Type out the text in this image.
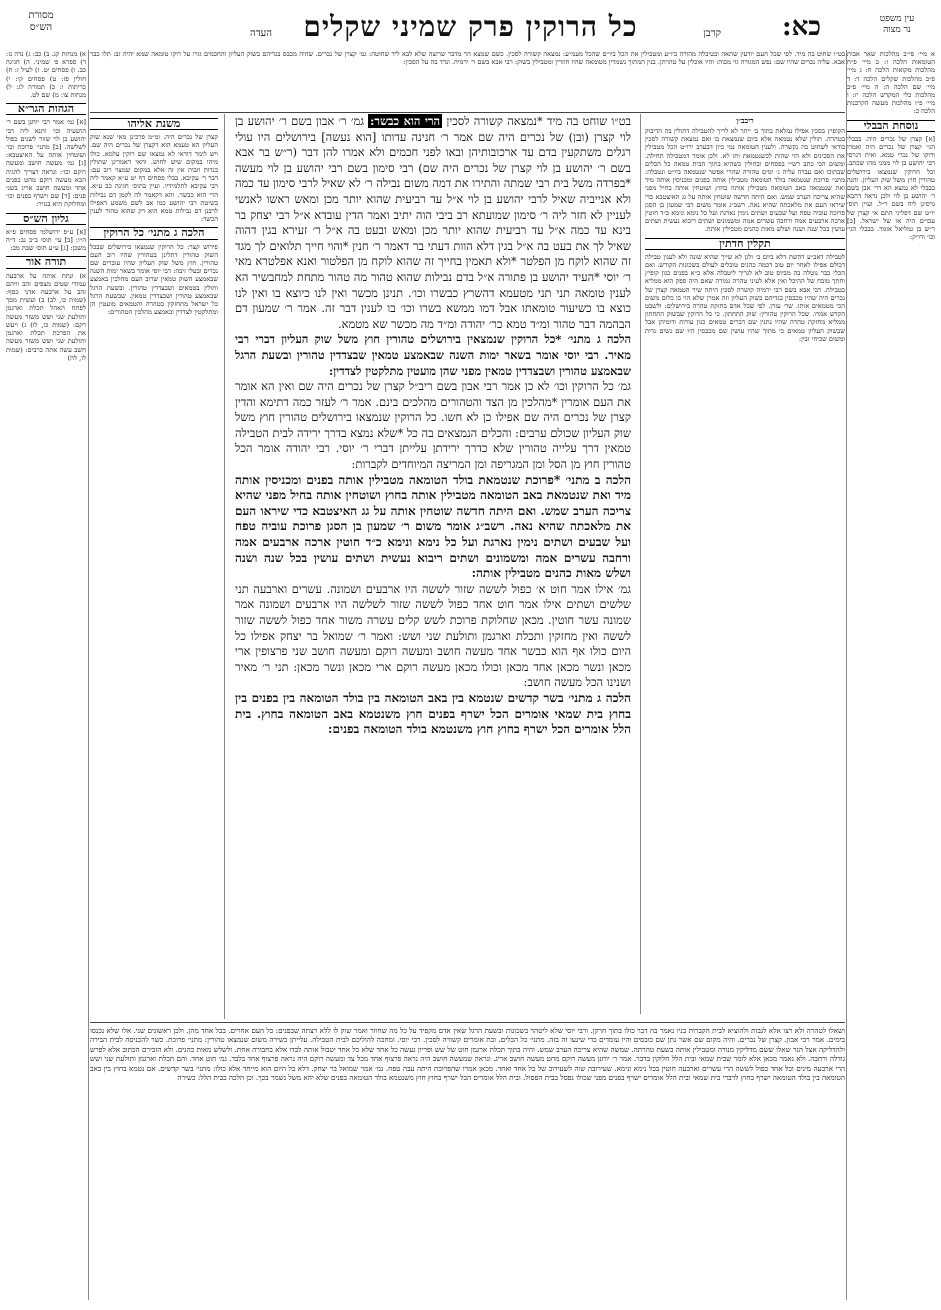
עין משפט
נר מצוה
כא:
קרבן
כל הרוקין פרק שמיני שקלים
העדה
מסורת
הש״ס

א מיי׳ פי״ב מהלכות שאר אבות הטומאות הלכה ז: ב מיי׳ פ״ח מהלכות מקואות הלכה ח: ג מיי׳ פ״ב מהלכות שקלים הלכה ד: ד מיי׳ שם הלכה ה: ה מיי׳ פ״ב מהלכות כלי המקדש הלכה יז: ו מיי׳ פ״ו מהלכות מעשה הקרבנות הלכה כ:

נוסחת הבבלי

[א] קצרן של נכרים היה. בבבלי הגי׳ קצרן של נכרים היה ואמרו ורוקו של נכרי טמא. ואית דגרסי רבי יהושע בן לוי ממני מהו שכתב. וכל הרוקין שנמצאו בירושלים טהורין חוץ משל שוק העליון. והנה בבבלי לא נמצא הא דר׳ אבן בשם ר׳ יהושע בן לוי ולכן נראה דהכא גרסינן ליה בשם ר״ל. ועיין תוס׳ יו״ט שם דפליגי התם אי קצרן של עכו״ם היה או של ישראל. [ב] ר״ש בן גמליאל אומר. בבבלי הגי׳ וכו׳ ודו״ק:

בט״ו שחוט בה מיד. לפי שכל העם יודעין שתאה ובטיבלה מהורה ביו״ע ומטבילין את הכל ביו״ם שהכל מעמ״ע: נמצאה קשורה לסכין. כשם שמצא הר מדבר שרוצה שלא לבא ליד שחוטה: גמ׳ קצרן של נכרים. שהיה מכבס בגדיהם בשוק העליון והחכמים גזרו על רוקו טומאה שמא יהיה זב: תלו כבר אבא. עליה נכרים שהיו שם: נפש המגורה גוי מכוה: והיו אוכלין על טהרתן. בנין המתוך נשמרין מטומאה שהיו חוזרין ומטבילין בשוק: רבי אבא בשם ר׳ ירמיה. ונדד בה על הסכין:

ריבב״ן

הקופיץ בסכין אפילו נמלאת בתוך ב׳ ייתר לא לריך להטבילה דתולין בה הדיבוק בטהרה. תולין שלא נטמאה אלא ביום שנמצאת בו ואם נמצאת קשורה לסכין בודאי לשחוט בה נקשרה. ולענין הטומאה נמי כיון דבערב ירו״ט הכל מטבילין את הסכינים ולא הוי שהות לכשנטמאת ותו לא. ולכן אומר דמטבילה תחילה. ומשום הכי כתב רש״י בפסחים ובחולין כשהיא בתוך הבית טמאה כל הכלים שבתוכו ואם עברה עליה ג׳ ימים טהורה שהרי אפשר שנטמאה ביו״ט ונטבלה: מתני׳ פרוכת שנטמאה בולד הטומאה מטבילין אותה בפנים ומכניסין אותה מיד ואת שנטמאה באב הטומאה מטבילין אותה בחוץ ושוטחין אותה בחיל מפני שהיא צריכה הערב שמש. ואם היתה חדשה שוטחין אותה על גג האיצטבא כדי שיראו העם את מלאכתה שהיא נאה. רשב״ג אומר משום רבי שמעון בן הסגן פרוכת עוביה טפח ועל שבעים ושתים נימין נארגת ועל כל נימא ונימא כ״ד חוטין ארכה ארבעים אמה ורחבה עשרים אמה ומשמונים ושתים ריבוא נעשית ושתים עושין בכל שנה ושנה ושלש מאות כהנים מטבילין אותה.

תקלין חדתין

לטבילה דאב״ע דהשת דלא ביום ב׳ ולגן לא שייך שהיא שונה ולא לענין טבילה דכולם אפילו לאחר יום טוב דכמה כהנים טובלים לעולם בשכונות הקודש. ואם הכלי כבר נוטלה בה מביוס טוב לא לגריך ליטבלה אלא כ״א בפנים כגון קופיץ וחתך מובח של ההיכל ואין אלא לעיני טהרה גמורה שאם היה ספק הוא ממליא בטבילה. רבי אבא בשם רבי ירמיה קושרה לסכין היתה שיר הטמאה קצרן של נכרים היה שהיו מכבסין בגדיהם בשוק העליון וזה אמרן שלא הוי בו כלום משום הכי מטמאים אותו. שר׳ עזרן. לפי שכל אדם בחזקת טהרה בירושלים: ולשבט הקדש אמרו. שכל הרוקין טהורין: שוק התחתון. כי כל הרוקין שבשוק התחתון ממליא מחזקת טהרה שהיו נתנין שם דברים טמאים כגון עורות ודומיהן אבל שבשוק העליון טמאים כי מתוך שהיו עושין שם מכבסין היו שם נשים נדות ומשום שכיחי זבין:

בט״ו שוחט בה מיד *נמצאה קשורה לסכין הרי הוא כבשר: גמ׳ ר׳ אבון בשם ר׳ יהושע בן לוי קצרן (ובן) של נכרים היה שם אמר ר׳ חנינה עדותו [הוא נעשה] בירושלים היו עולי רגלים משתקעין בדם עד ארכובותיהן ובאו לפני חכמים ולא אמרו להן דבר (ר״ש בר אבא בשם ר׳ יהושע בן לוי קצרן של נכרים היה שם) רבי סימון בשם רבי יהושע בן לוי מעשה *בפרדה משל בית רבי שמתה והתירו את דמה משום נבילה ר׳ לא שאיל לרבי סימון עד כמה ולא אנייביה שאיל לרבי יהושע בן לוי א״ל עד רביעית שהוא יותר מכן ומאש ראשו לאנשי לעניין לא חזר ליה ר׳ סימון שמועתא רב ביבי הוה יתיב ואמר הדין עובדא א״ל רבי יצחק בר בינא עד כמה א״ל עד רביעית שהוא יותר מכן ומאש ובעט בה א״ל ר׳ זעירא בגין דהוה שאיל לך את בעט בה א״ל בגין דלא הוות דעתי בר דאמר ר׳ חנין *והוי חייך תלואים לך מגד זה שהוא לוקח מן הפלטר *ולא תאמין בחייך זה שהוא לוקח מן הפלטור ואנא אפלטרא מאי ר׳ יוסי *העיד יהושע בן פתורה א״ל בדם נבילות שהוא טהור מה טהור מתחת למחבשיר הא לענין טומאה תני תני מטעמא דהשרץ כבשרו וכו׳. תנינן מכשר ואין לנו כיוצא בו ואין לנו כוצא בו כשיעור טומאתו אבל דמו ממשא בשרו וכו׳ בו לענין דבר זה. אמר ר׳ שמעון דם הבהמה דבר טהור ומ״ד טמא כר׳ יהודה ומ״ד מה מכשר שא מטמא.

הלכה ג מתני׳ *כל הרוקין שנמצאין בירושלים טהורין חוץ משל שוק העליון דברי רבי מאיר. רבי יוסי אומר בשאר ימות השנה שבאמצע טמאין שבצדדין טהורין ובשעת הרגל שבאמצע טהורין ושבצדדין טמאין מפני שהן מועטין מתלקטין לצדדין:

גמ׳ כל הרוקין וכו׳ לא כן אמר רבי אבון בשם ריב״ל קצרן של נכרים היה שם ואין הא אומר את העם אומרין *מהלכין מן הצד והטהורים מהלכים בינם. אמר ר׳ לעזר כמה דתימא והדין קצרן של נכרים היה שם אפילו כן לא חשו. כל הרוקין שנמצאו בירושלים טהורין חוץ משל שוק העליון שכולם ערבים: והכלים הנמצאים בה כל *שלא נמצא בדרך ירידה לבית הטבילה טמאין דרך עלייה טהורין שלא כדרך ירידתן עלייתן דברי ר׳ יוסי. רבי יהודה אומר הכל טהורין חוץ מן הסל ומן המגריפה ומן המריצה המיוחדים לקברות:

הלכה ב מתני׳ *פרוכת שנטמאת בולד הטומאה מטבילין אותה בפנים ומכניסין אותה מיד ואת שנטמאת באב הטומאה מטבילין אותה בחוץ ושוטחין אותה בחיל מפני שהיא צריכה הערב שמש. ואם היתה חדשה שוטחין אותה על גג האיצטבא כדי שיראו העם את מלאכתה שהיא נאה. רשב״ג אומר משום ר׳ שמעון בן הסגן פרוכת עוביה טפח ועל שבעים ושתים נימין נארגת ועל כל נימא ונימא כ״ד חוטין ארכה ארבעים אמה ורחבה עשרים אמה ומשמונים ושתים ריבוא נעשית ושתים עושין בכל שנה ושנה ושלש מאות כהנים מטבילין אותה:

גמ׳ אילו אמר חוט א׳ כפול לששה שזור לששה היו ארבעים ושמונה. עשרים וארבעה תני שלשים ושתים אילו אמר חוט אחד כפול לששה שזור לשלשה היו ארבעים ושמונה אמר שמונה עשר חוטין. מכאן שחלוקת פרוכת לשש קלים עשרה משור אחד כפול לששה שזור לששה ואין מחזקין ותכלת וארגמן ותולעת שני ושש: ואמר ר׳ שמואל בר יצחק אפילו כל היום כולו אף הוא כבשר אחד מעשה חושב ומעשה רוקם ומעשה חושב שני פרצופין ארי מכאן ונשר מכאן אחד מכאן וכולו מכאן מעשה רוקם ארי מכאן ונשר מכאן: תני ר׳ מאיר ושנינו הכל מעשה חושב:

הלכה ג מתני׳ בשר קדשים שנטמא בין באב הטומאה בין בולד הטומאה בין בפנים בין בחוץ בית שמאי אומרים הכל ישרף בפנים חוץ משנטמא באב הטומאה בחוץ. בית הלל אומרים הכל ישרף בחוץ חוץ משנטמא בולד הטומאה בפנים:

משנת אליהו

קצרן של נכרים היה. ומ״מ פרכינן מאי שנא שוק העליון הא טעמא הוא דקצרן של נכרים היה שם. ויש לומר דודאי לא נמצאו שם רוקין עלמא. כולו מיהו במקום שיש לחוש. והאי דאמרינן שתולין בנדות וזבות אין זה אלא במקום שמצוי רוב עם: דבר ר׳ עקיבא. בבלי פסחים דף יט ע״א קאמר ליה רבי עקיבא לתלמידיו. ועיין בתוס׳ חגיגה כב ע״א. הרי הוא כבשר. והא דקאמר לה לקמן דם נבילות בשיטת רבי יהושע כמו אב לשם משמע דאפילו לרבנן דם נבילות טמא הוא רק שהוא טהור לענין הכשר:

הלכה ג מתני׳ כל הרוקין

פירוש קצר: כל הרוקין שנמצאו בירושלים שבכל השוק טהורין דתלינן בטהורין שהיו רוב העם טהורין. חוץ משל שוק העליון שהיו עוברים שם נכרים ובעלי זיבה: רבי יוסי אומר בשאר ימות השנה שבאמצע השוק טמאין שרוב העם מהלכין באמצע ותולין בטמאים ושבצדדין טהורין. ובשעת הרגל שבאמצע טהורין ושבצדדין טמאין. שבשעת הרגל כל ישראל מתחזקין בטהרה והטמאים מועטין הן ומתלקטין לצדדין ובאמצע מהלכין הטהורים:

א) מנחות קג. ב) כב: ג) נדה נז: ד) ספרא פ׳ שמיני. ה) חגיגה כב. ו) פסחים יט. ז) לעיל ז: ח) חולין פז: ט) פסחים קי: י) כריתות ו: כ) תמורה לג: ל) מנחות צו: מ) שם לט.

הגהות הגר״א

[א] גמ׳ אמר רבי יוחנן בשם ר׳ הושעיה וכו׳ ותנא ליה רבי יהושע בן לוי שזור לשנים כפול לשלשה. [ב] מתני׳ פרוכת וכו׳ ושוטחין אותה על האיצטבא: [ג] גמ׳ מעשה חושב ומעשה רוקם וכו׳: ונראה דצריך להגיה הכא מעשה רוקם מחט בפנים אחד ומעשה חושב אריג בשני פנים: [ד] שם וישרף בפנים וכו׳ ומחלוקת היא בנזיר:

גליון הש״ס

[א] ע״פ ירושלמי פסחים פ״א ה״ו: [ב] עי׳ תוס׳ ב״ב נב: ד״ה משכן: [ג] ע״ע תוס׳ שבת מב:

תורה אור

א) ונתת אותה על ארבעה עמודי שטים מצפים זהב וויהם זהב על ארבעה אדני כסף: (שמות כו, לב) ב) ועשית מסך לפתח האהל תכלת וארגמן ותולעת שני ושש משזר מעשה רקם: (שמות כו, לו) ג) ויעש את הפרכת תכלת וארגמן ותולעת שני ושש משזר מעשה חשב עשה אתה כרבים: (שמות לו, לה)

ושאלו לטהרה ולא רצו אלא לגבות ולהוציא לבית הקברות בניו נאמר בה דבר כולו בתוך חרקן. ורבי יוסי שלא ליטהר בשכונות ובשעת הרגל שאין אדם מקפיד על כל מה שחוזר ואמר שוק לו ללא רצתה שבפנים: כל העם אחרים. בכל אחד מהן. ולכן ראשונים שני. אלו שלא נכנסו בימים. אמר רבי אבון. קצרן של נכרים. והיה מקום שם אשר נתן שם כובסים והיו עומדים כדי שיגעו זה בזה. מתני׳ כל הכלים. ובת אומרים קשורה לסכין. רבי יוסי. ומחכה להוליכם לבית הטבילה. עלייתן כשירה משום שנמצאו טהורין: מתני׳ פרוכת. כשר להכניסה לבית הבירה ולהדליקה אצל הנר שאלו ששם מדליקין מנורה ומטבילין אותה בשעת טהרתה. שמשה שהיא צריכה הערב שמש. והיה בתוך תכלת ארגמן חוט של שש ופריון נעשה כל אחד שלא כל אחד יטבול אותה לבדו אלא בחבורה אחת. ולשלש מאות כהנים. ולא הזכירם הכתוב אלא לפרש גודלה ורחבה. ולא נאמר מכאן אלא לומר שבית שמאי ובית הלל חלוקין בדבר. אמר ר׳ יוחנן מעשה רוקם מחט מעשה חושב אריג. ונראה שמעשה חושב היה נראה פרצוף אחד מכל צד ומעשה רוקם היה נראה פרצוף אחד בלבד. גמ׳ חוט אחד. והם תכלת וארגמן ותולעת שני ושש הרי ארבעה מינים וכל אחד כפול לששה הרי עשרים וארבעה חוטין בכל נימא ונימא. שעירובה שוה לשעירוב של כל אחד ואחד. מכאן אמרו שהפרוכת היתה עבה טפח. גמ׳ אמר שמואל בר יצחק. דלא כל היום הוא מייחד אלא כולו: מתני׳ בשר קדשים. אם נטמא בחוץ בין באב הטומאה בין בולד הטומאה ישרף בחוץ לדברי בית שמאי ובית הלל אומרים ישרף בפנים מפני שכולו נפסל בבית הפסול. ובית הלל אומרים הכל ישרף בחוץ חוץ משנטמא בולד הטומאה בפנים שלא יהא משל נשמר בכך. וכן הלכה כבית הלל: כשירה
